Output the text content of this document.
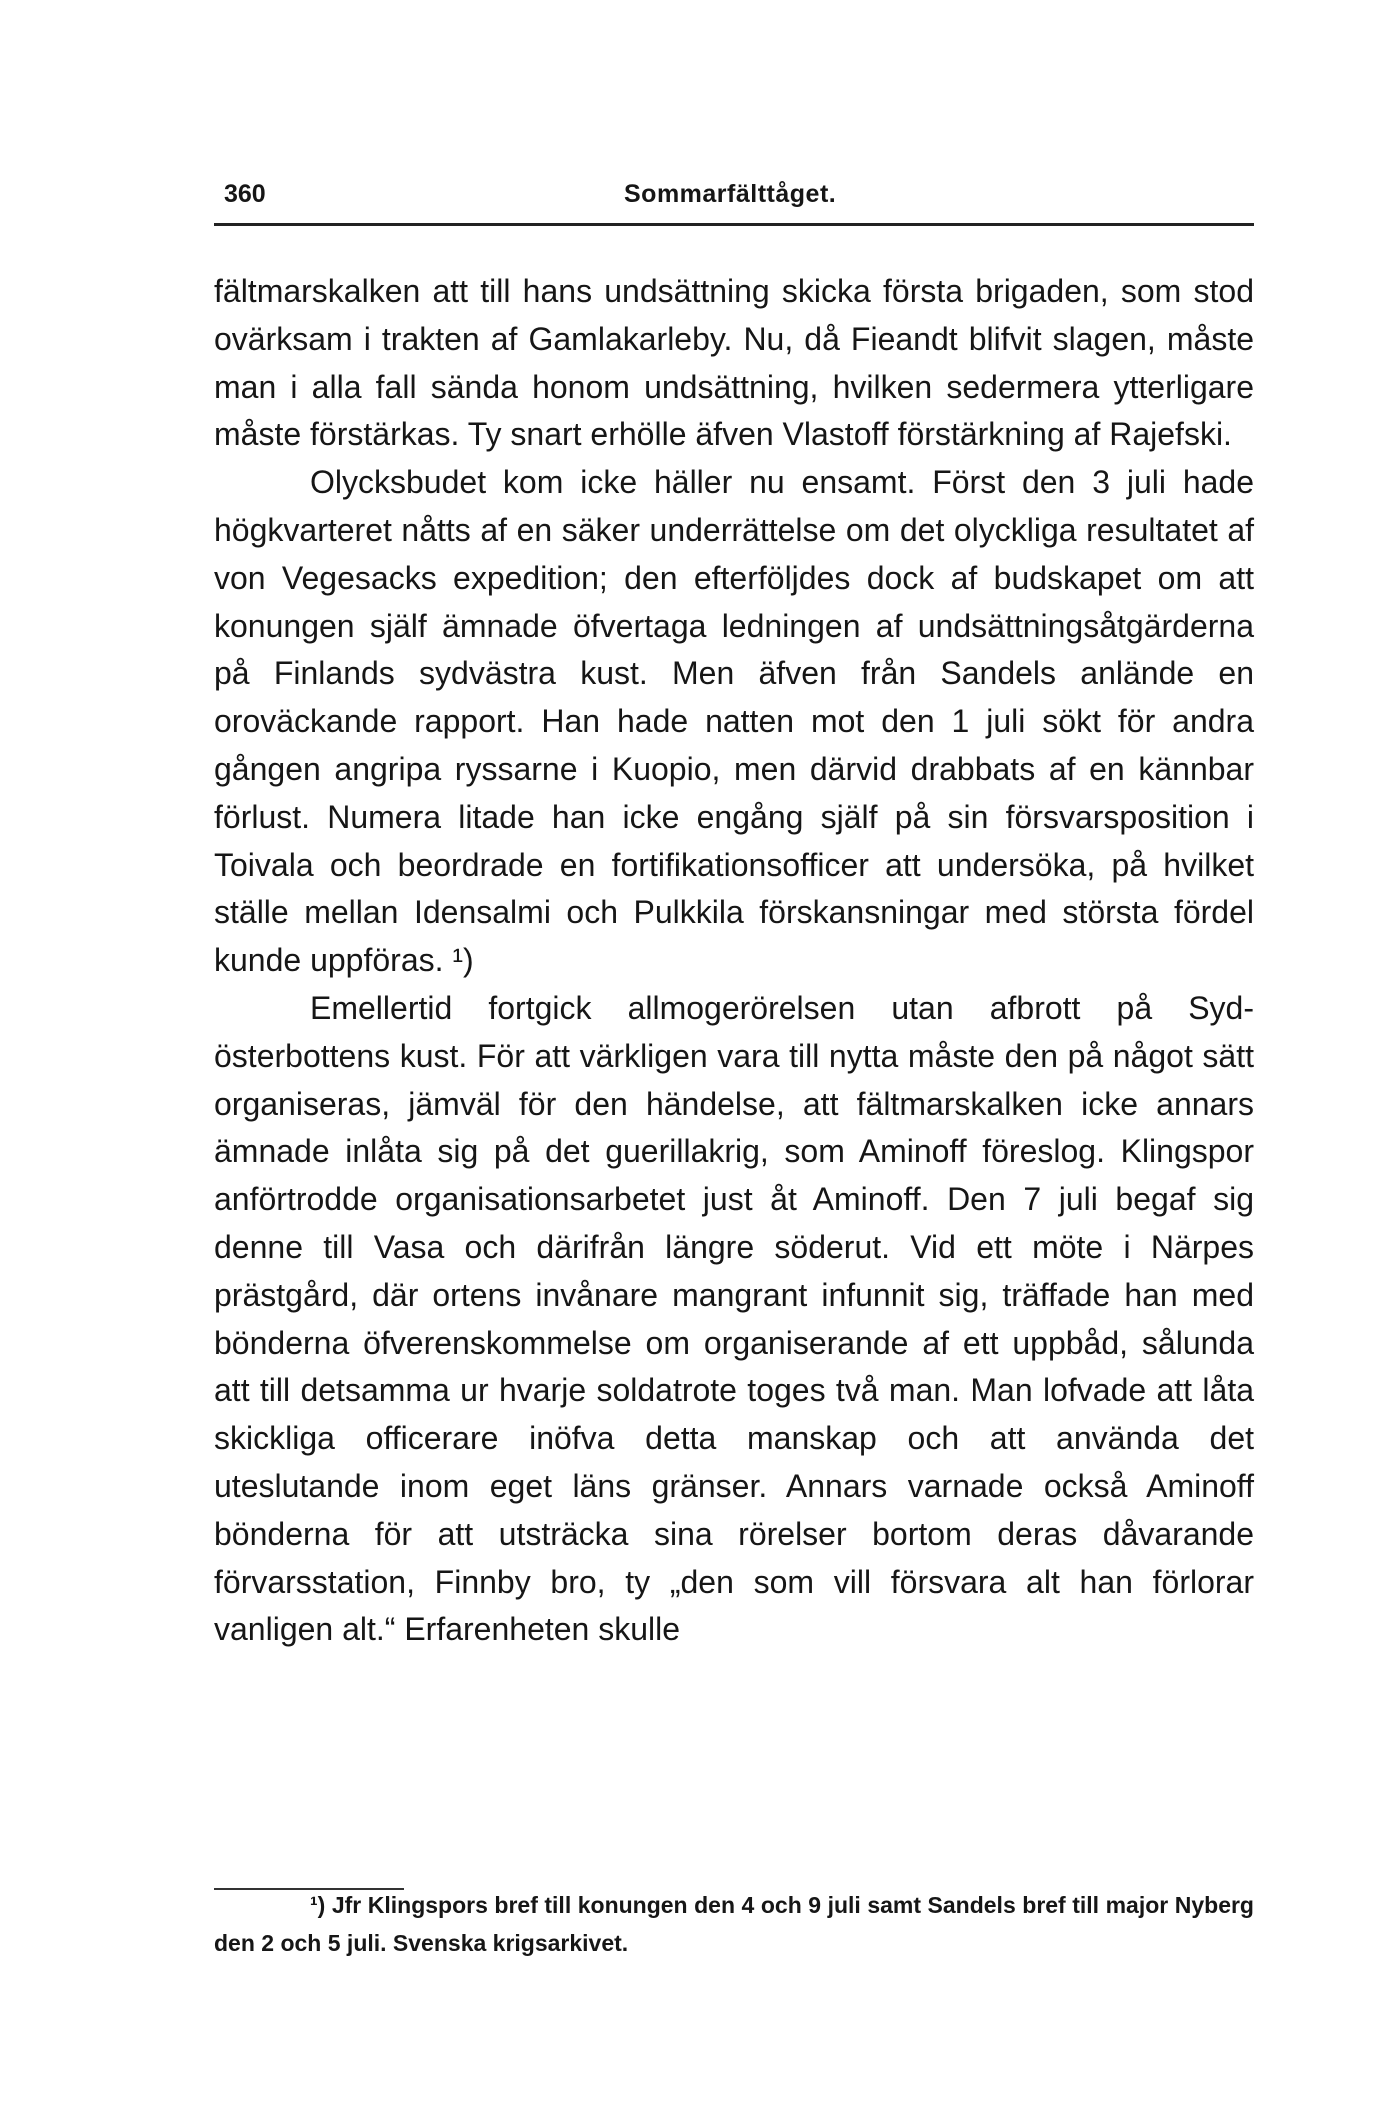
360	Sommarfälttåget.

fältmarskalken att till hans undsättning skicka första brigaden, som stod ovärksam i trakten af Gamlakarleby. Nu, då Fieandt blifvit slagen, måste man i alla fall sända honom undsättning, hvilken sedermera ytterligare måste förstärkas. Ty snart erhölle äfven Vlastoff förstärkning af Rajefski.

Olycksbudet kom icke häller nu ensamt. Först den 3 juli hade högkvarteret nåtts af en säker underrättelse om det olyckliga resultatet af von Vegesacks expedition; den efterföljdes dock af budskapet om att konungen själf ämnade öfvertaga ledningen af undsättningsåtgärderna på Finlands sydvästra kust. Men äfven från Sandels anlände en oroväckande rapport. Han hade natten mot den 1 juli sökt för andra gången angripa ryssarne i Kuopio, men därvid drabbats af en kännbar förlust. Numera litade han icke engång själf på sin försvarsposition i Toivala och beordrade en fortifikationsofficer att undersöka, på hvilket ställe mellan Idensalmi och Pulkkila förskansningar med största fördel kunde uppföras. ¹)

Emellertid fortgick allmogerörelsen utan afbrott på Sydösterbottens kust. För att värkligen vara till nytta måste den på något sätt organiseras, jämväl för den händelse, att fältmarskalken icke annars ämnade inlåta sig på det guerillakrig, som Aminoff föreslog. Klingspor anförtrodde organisationsarbetet just åt Aminoff. Den 7 juli begaf sig denne till Vasa och därifrån längre söderut. Vid ett möte i Närpes prästgård, där ortens invånare mangrant infunnit sig, träffade han med bönderna öfverenskommelse om organiserande af ett uppbåd, sålunda att till detsamma ur hvarje soldatrote toges två man. Man lofvade att låta skickliga officerare inöfva detta manskap och att använda det uteslutande inom eget läns gränser. Annars varnade också Aminoff bönderna för att utsträcka sina rörelser bortom deras dåvarande förvarsstation, Finnby bro, ty „den som vill försvara alt han förlorar vanligen alt.“ Erfarenheten skulle

¹) Jfr Klingspors bref till konungen den 4 och 9 juli samt Sandels bref till major Nyberg den 2 och 5 juli. Svenska krigsarkivet.
